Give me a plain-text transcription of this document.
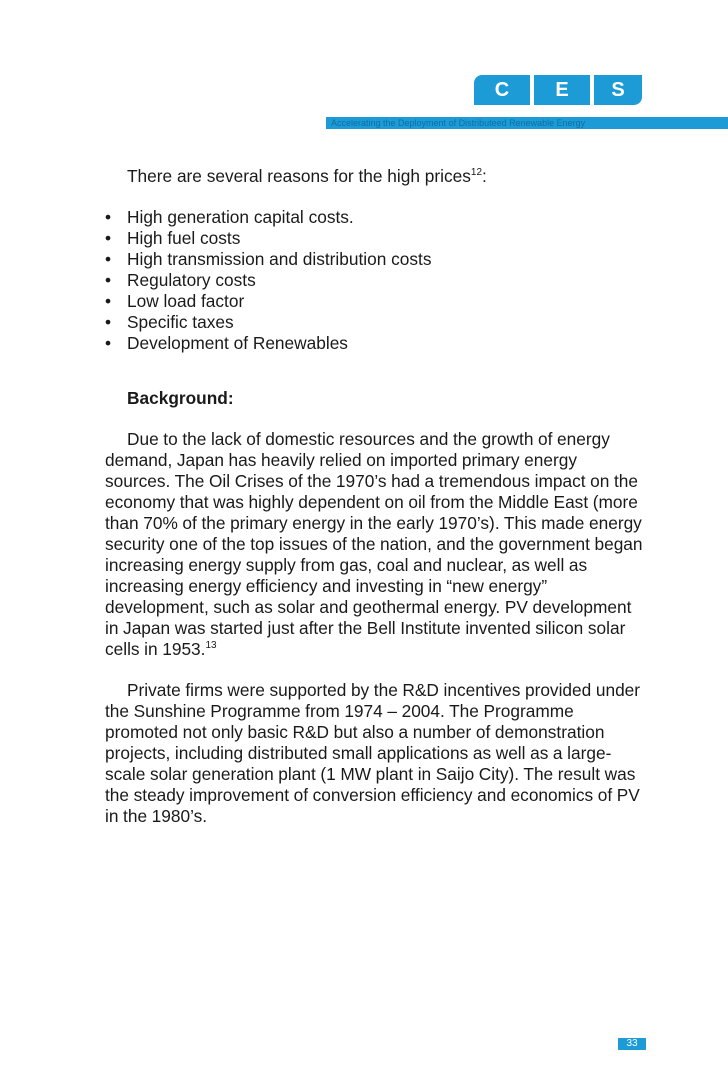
C	E	S
Accelerating the Deployment of Distributeed Renewable Energy

There are several reasons for the high prices$^{12}$:

• High generation capital costs.
• High fuel costs
• High transmission and distribution costs
• Regulatory costs
• Low load factor
• Specific taxes
• Development of Renewables

Background:

Due to the lack of domestic resources and the growth of energy demand, Japan has heavily relied on imported primary energy sources. The Oil Crises of the 1970’s had a tremendous impact on the economy that was highly dependent on oil from the Middle East (more than 70% of the primary energy in the early 1970’s). This made energy security one of the top issues of the nation, and the government began increasing energy supply from gas, coal and nuclear, as well as increasing energy efficiency and investing in “new energy” development, such as solar and geothermal energy. PV development in Japan was started just after the Bell Institute invented silicon solar cells in 1953.13

Private firms were supported by the R&D incentives provided under the Sunshine Programme from 1974 – 2004. The Programme promoted not only basic R&D but also a number of demonstration projects, including distributed small applications as well as a large-scale solar generation plant (1 MW plant in Saijo City). The result was the steady improvement of conversion efficiency and economics of PV in the 1980’s.

33
